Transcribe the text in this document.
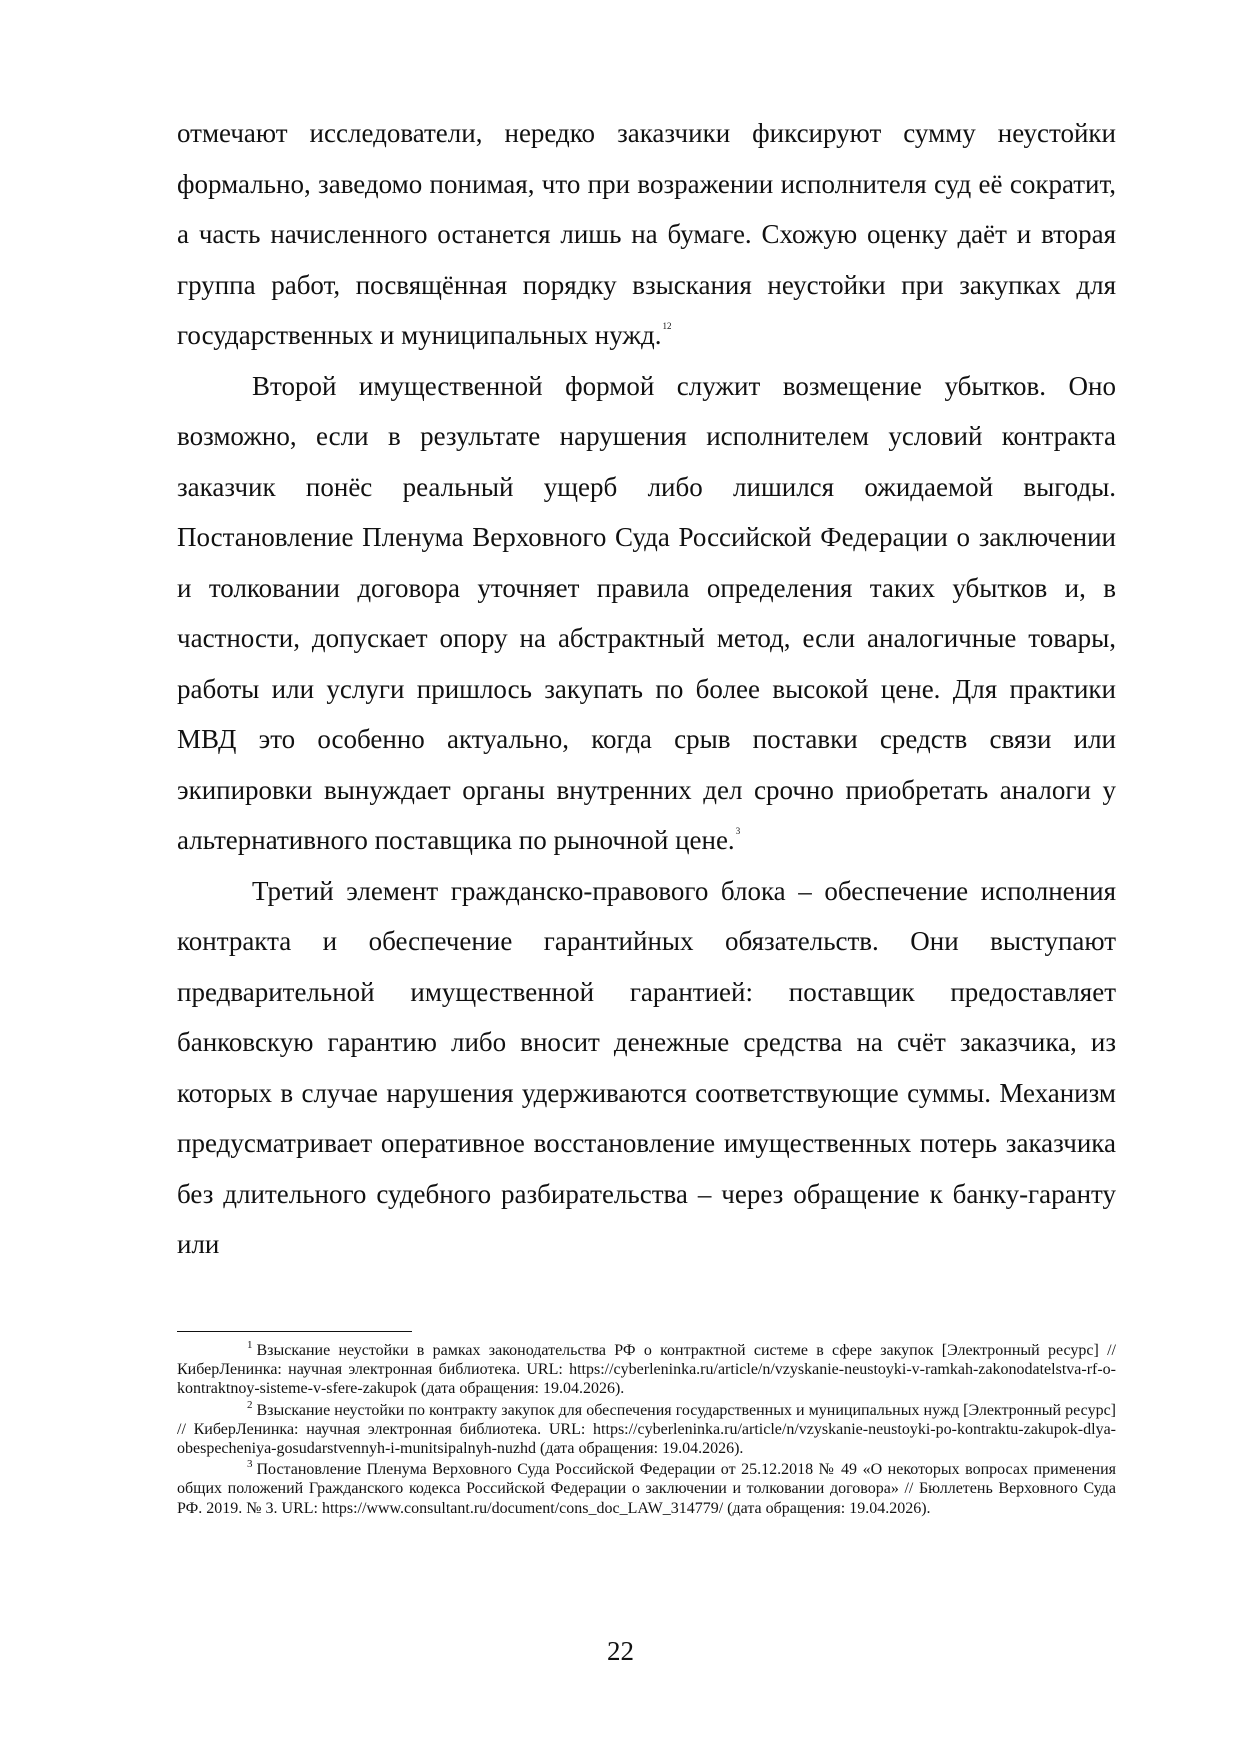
отмечают исследователи, нередко заказчики фиксируют сумму неустойки формально, заведомо понимая, что при возражении исполнителя суд её сократит, а часть начисленного останется лишь на бумаге. Схожую оценку даёт и вторая группа работ, посвящённая порядку взыскания неустойки при закупках для государственных и муниципальных нужд.$^{12}$

Второй имущественной формой служит возмещение убытков. Оно возможно, если в результате нарушения исполнителем условий контракта заказчик понёс реальный ущерб либо лишился ожидаемой выгоды. Постановление Пленума Верховного Суда Российской Федерации о заключении и толковании договора уточняет правила определения таких убытков и, в частности, допускает опору на абстрактный метод, если аналогичные товары, работы или услуги пришлось закупать по более высокой цене. Для практики МВД это особенно актуально, когда срыв поставки средств связи или экипировки вынуждает органы внутренних дел срочно приобретать аналоги у альтернативного поставщика по рыночной цене.$^3$

Третий элемент гражданско-правового блока – обеспечение исполнения контракта и обеспечение гарантийных обязательств. Они выступают предварительной имущественной гарантией: поставщик предоставляет банковскую гарантию либо вносит денежные средства на счёт заказчика, из которых в случае нарушения удерживаются соответствующие суммы. Механизм предусматривает оперативное восстановление имущественных потерь заказчика без длительного судебного разбирательства – через обращение к банку-гаранту или

$^1$ Взыскание неустойки в рамках законодательства РФ о контрактной системе в сфере закупок [Электронный ресурс] // КиберЛенинка: научная электронная библиотека. URL: https://cyberleninka.ru/article/n/vzyskanie-neustoyki-v-ramkah-zakonodatelstva-rf-o-kontraktnoy-sisteme-v-sfere-zakupok (дата обращения: 19.04.2026).

$^2$ Взыскание неустойки по контракту закупок для обеспечения государственных и муниципальных нужд [Электронный ресурс] // КиберЛенинка: научная электронная библиотека. URL: https://cyberleninka.ru/article/n/vzyskanie-neustoyki-po-kontraktu-zakupok-dlya-obespecheniya-gosudarstvennyh-i-munitsipalnyh-nuzhd (дата обращения: 19.04.2026).

$^3$ Постановление Пленума Верховного Суда Российской Федерации от 25.12.2018 № 49 «О некоторых вопросах применения общих положений Гражданского кодекса Российской Федерации о заключении и толковании договора» // Бюллетень Верховного Суда РФ. 2019. № 3. URL: https://www.consultant.ru/document/cons_doc_LAW_314779/ (дата обращения: 19.04.2026).

22
